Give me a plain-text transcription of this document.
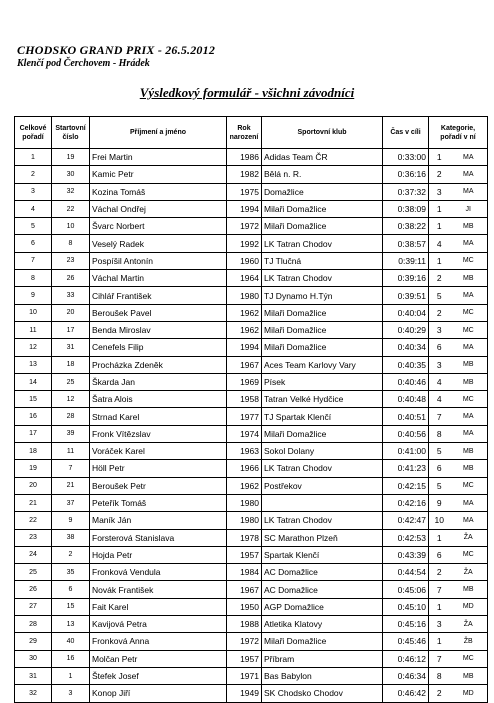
CHODSKO GRAND PRIX - 26.5.2012
Klenčí pod Čerchovem - Hrádek
Výsledkový formulář - všichni závodníci
Celkové pořadí	Startovní číslo	Příjmení a jméno	Rok narození	Sportovní klub	Čas v cíli	Kategorie, pořadí v ní	
1	19	Frei Martin	1986	Adidas Team ČR	0:33:00	1	MA
2	30	Kamic Petr	1982	Bělá n. R.	0:36:16	2	MA
3	32	Kozina Tomáš	1975	Domažlice	0:37:32	3	MA
4	22	Váchal Ondřej	1994	Milaři Domažlice	0:38:09	1	JI
5	10	Švarc Norbert	1972	Milaři Domažlice	0:38:22	1	MB
6	8	Veselý Radek	1992	LK Tatran Chodov	0:38:57	4	MA
7	23	Pospíšil Antonín	1960	TJ Tlučná	0:39:11	1	MC
8	26	Váchal Martin	1964	LK Tatran Chodov	0:39:16	2	MB
9	33	Cihlář František	1980	TJ Dynamo H.Týn	0:39:51	5	MA
10	20	Beroušek Pavel	1962	Milaři Domažlice	0:40:04	2	MC
11	17	Benda Miroslav	1962	Milaři Domažlice	0:40:29	3	MC
12	31	Cenefels Filip	1994	Milaři Domažlice	0:40:34	6	MA
13	18	Procházka Zdeněk	1967	Aces Team Karlovy Vary	0:40:35	3	MB
14	25	Škarda Jan	1969	Písek	0:40:46	4	MB
15	12	Šatra Alois	1958	Tatran Velké Hydčice	0:40:48	4	MC
16	28	Strnad Karel	1977	TJ Spartak Klenčí	0:40:51	7	MA
17	39	Fronk Vítězslav	1974	Milaři Domažlice	0:40:56	8	MA
18	11	Voráček Karel	1963	Sokol Dolany	0:41:00	5	MB
19	7	Höll Petr	1966	LK Tatran Chodov	0:41:23	6	MB
20	21	Beroušek Petr	1962	Postřekov	0:42:15	5	MC
21	37	Peteřík Tomáš	1980		0:42:16	9	MA
22	9	Maník Ján	1980	LK Tatran Chodov	0:42:47	10	MA
23	38	Forsterová Stanislava	1978	SC Marathon Plzeň	0:42:53	1	ŽA
24	2	Hojda Petr	1957	Spartak Klenčí	0:43:39	6	MC
25	35	Fronková Vendula	1984	AC Domažlice	0:44:54	2	ŽA
26	6	Novák František	1967	AC Domažlice	0:45:06	7	MB
27	15	Fait Karel	1950	AGP Domažlice	0:45:10	1	MD
28	13	Kavijová Petra	1988	Atletika Klatovy	0:45:16	3	ŽA
29	40	Fronková Anna	1972	Milaři Domažlice	0:45:46	1	ŽB
30	16	Molčan Petr	1957	Příbram	0:46:12	7	MC
31	1	Štefek Josef	1971	Bas Babylon	0:46:34	8	MB
32	3	Konop Jiří	1949	SK Chodsko Chodov	0:46:42	2	MD
